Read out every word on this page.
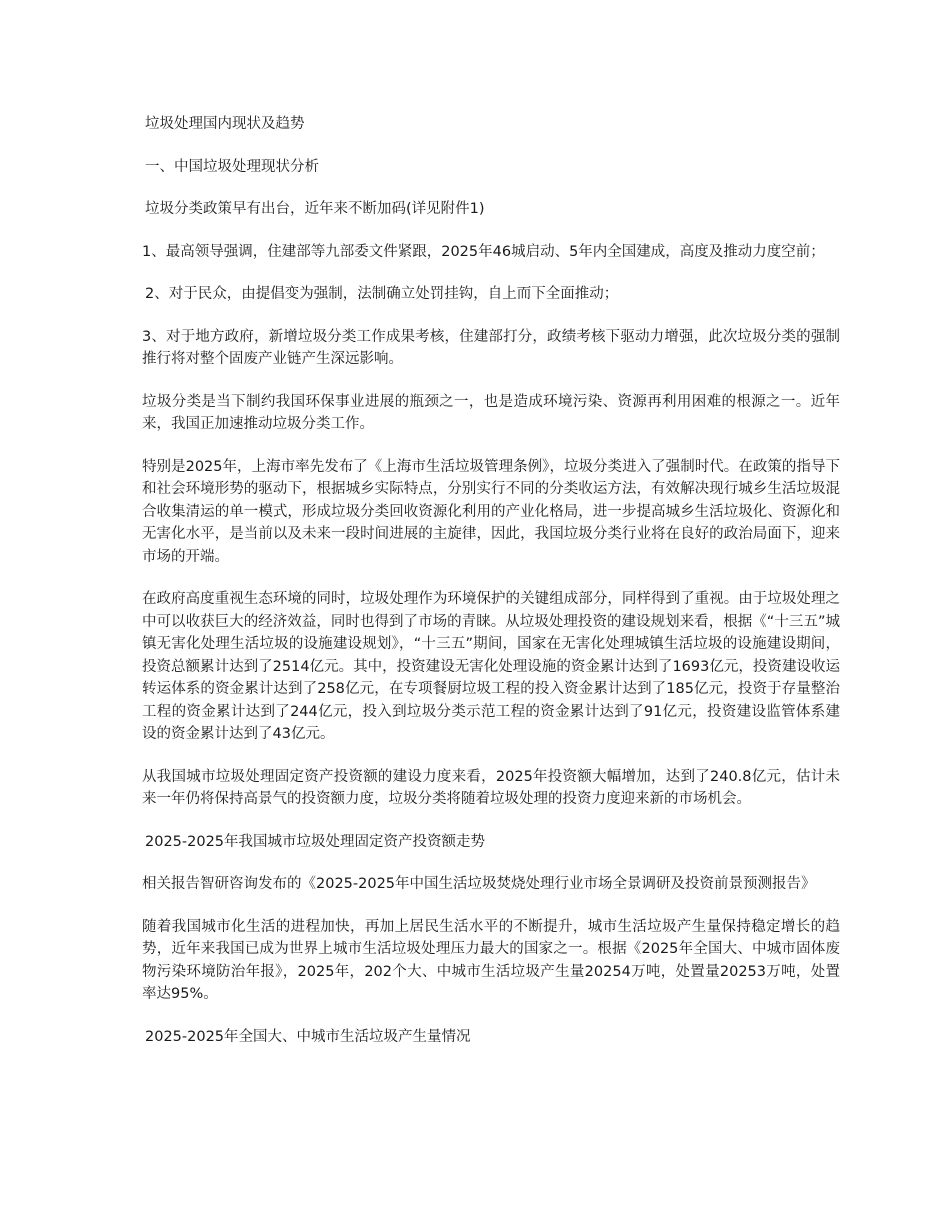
垃圾处理国内现状及趋势

一、中国垃圾处理现状分析

垃圾分类政策早有出台，近年来不断加码(详见附件1)

1、最高领导强调，住建部等九部委文件紧跟，2025年46城启动、5年内全国建成，高度及推动力度空前；

2、对于民众，由提倡变为强制，法制确立处罚挂钩，自上而下全面推动；

3、对于地方政府，新增垃圾分类工作成果考核，住建部打分，政绩考核下驱动力增强，此次垃圾分类的强制推行将对整个固废产业链产生深远影响。

垃圾分类是当下制约我国环保事业进展的瓶颈之一，也是造成环境污染、资源再利用困难的根源之一。近年来，我国正加速推动垃圾分类工作。

特别是2025年，上海市率先发布了《上海市生活垃圾管理条例》，垃圾分类进入了强制时代。在政策的指导下和社会环境形势的驱动下，根据城乡实际特点，分别实行不同的分类收运方法，有效解决现行城乡生活垃圾混合收集清运的单一模式，形成垃圾分类回收资源化利用的产业化格局，进一步提高城乡生活垃圾化、资源化和无害化水平，是当前以及未来一段时间进展的主旋律，因此，我国垃圾分类行业将在良好的政治局面下，迎来市场的开端。

在政府高度重视生态环境的同时，垃圾处理作为环境保护的关键组成部分，同样得到了重视。由于垃圾处理之中可以收获巨大的经济效益，同时也得到了市场的青睐。从垃圾处理投资的建设规划来看，根据《“十三五”城镇无害化处理生活垃圾的设施建设规划》，“十三五”期间，国家在无害化处理城镇生活垃圾的设施建设期间，投资总额累计达到了2514亿元。其中，投资建设无害化处理设施的资金累计达到了1693亿元，投资建设收运转运体系的资金累计达到了258亿元，在专项餐厨垃圾工程的投入资金累计达到了185亿元，投资于存量整治工程的资金累计达到了244亿元，投入到垃圾分类示范工程的资金累计达到了91亿元，投资建设监管体系建设的资金累计达到了43亿元。

从我国城市垃圾处理固定资产投资额的建设力度来看，2025年投资额大幅增加，达到了240.8亿元，估计未来一年仍将保持高景气的投资额力度，垃圾分类将随着垃圾处理的投资力度迎来新的市场机会。

2025-2025年我国城市垃圾处理固定资产投资额走势

相关报告智研咨询发布的《2025-2025年中国生活垃圾焚烧处理行业市场全景调研及投资前景预测报告》

随着我国城市化生活的进程加快，再加上居民生活水平的不断提升，城市生活垃圾产生量保持稳定增长的趋势，近年来我国已成为世界上城市生活垃圾处理压力最大的国家之一。根据《2025年全国大、中城市固体废物污染环境防治年报》，2025年，202个大、中城市生活垃圾产生量20254万吨，处置量20253万吨，处置率达95%。

2025-2025年全国大、中城市生活垃圾产生量情况
